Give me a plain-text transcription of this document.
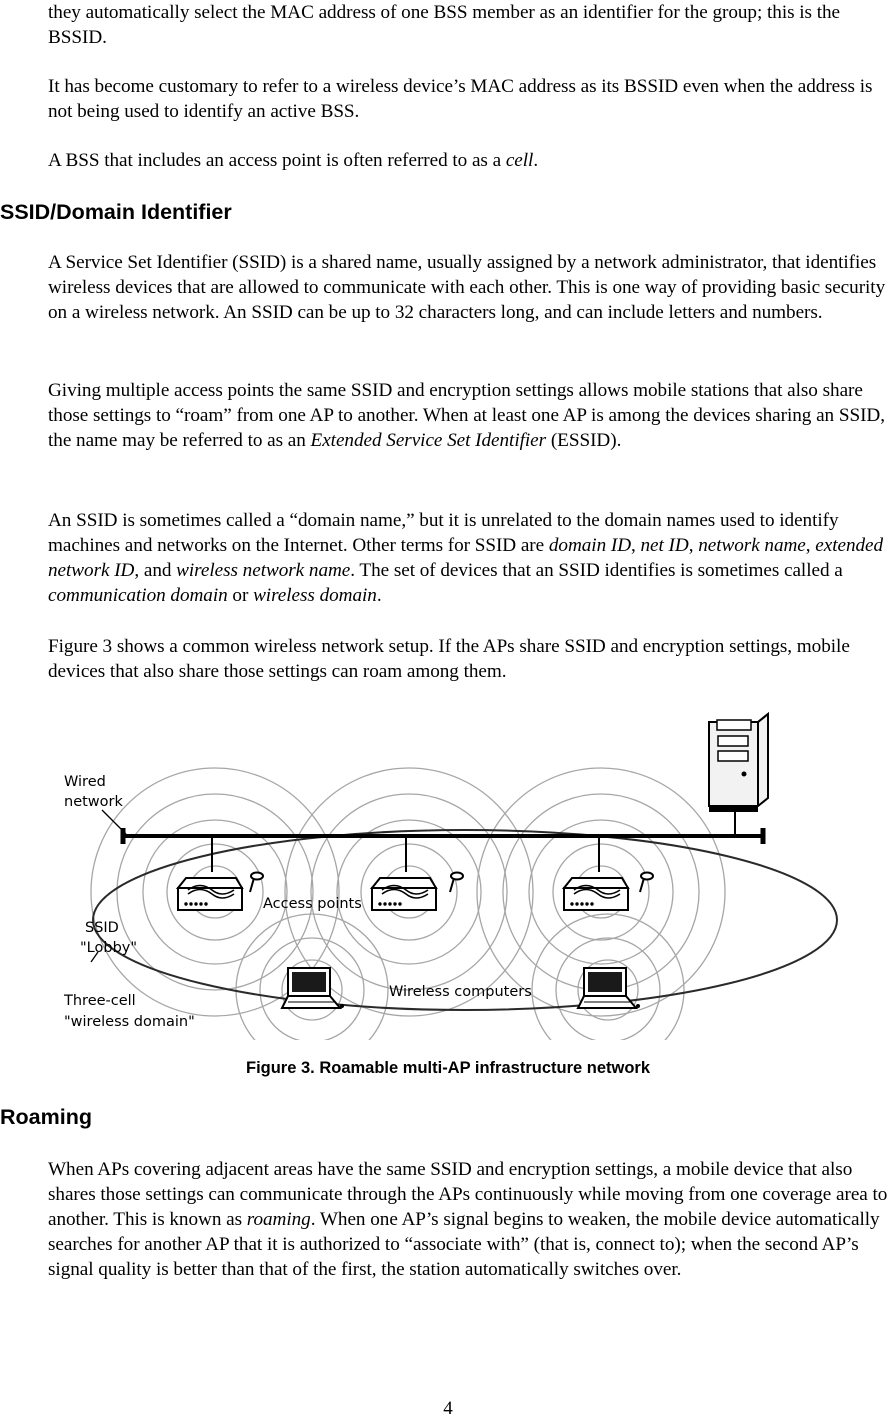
they automatically select the MAC address of one BSS member as an identifier for the group; this is the BSSID.

It has become customary to refer to a wireless device’s MAC address as its BSSID even when the address is not being used to identify an active BSS.

A BSS that includes an access point is often referred to as a cell.

SSID/Domain Identifier

A Service Set Identifier (SSID) is a shared name, usually assigned by a network administrator, that identifies wireless devices that are allowed to communicate with each other. This is one way of providing basic security on a wireless network. An SSID can be up to 32 characters long, and can include letters and numbers.

Giving multiple access points the same SSID and encryption settings allows mobile stations that also share those settings to “roam” from one AP to another. When at least one AP is among the devices sharing an SSID, the name may be referred to as an Extended Service Set Identifier (ESSID).

An SSID is sometimes called a “domain name,” but it is unrelated to the domain names used to identify machines and networks on the Internet. Other terms for SSID are domain ID, net ID, network name, extended network ID, and wireless network name. The set of devices that an SSID identifies is sometimes called a communication domain or wireless domain.

Figure 3 shows a common wireless network setup. If the APs share SSID and encryption settings, mobile devices that also share those settings can roam among them.

Wired
network
Access points
SSID
"Lobby"
Three-cell
"wireless domain"
Wireless computers
Figure 3. Roamable multi-AP infrastructure network
Roaming

When APs covering adjacent areas have the same SSID and encryption settings, a mobile device that also shares those settings can communicate through the APs continuously while moving from one coverage area to another. This is known as roaming. When one AP’s signal begins to weaken, the mobile device automatically searches for another AP that it is authorized to “associate with” (that is, connect to); when the second AP’s signal quality is better than that of the first, the station automatically switches over.

4
